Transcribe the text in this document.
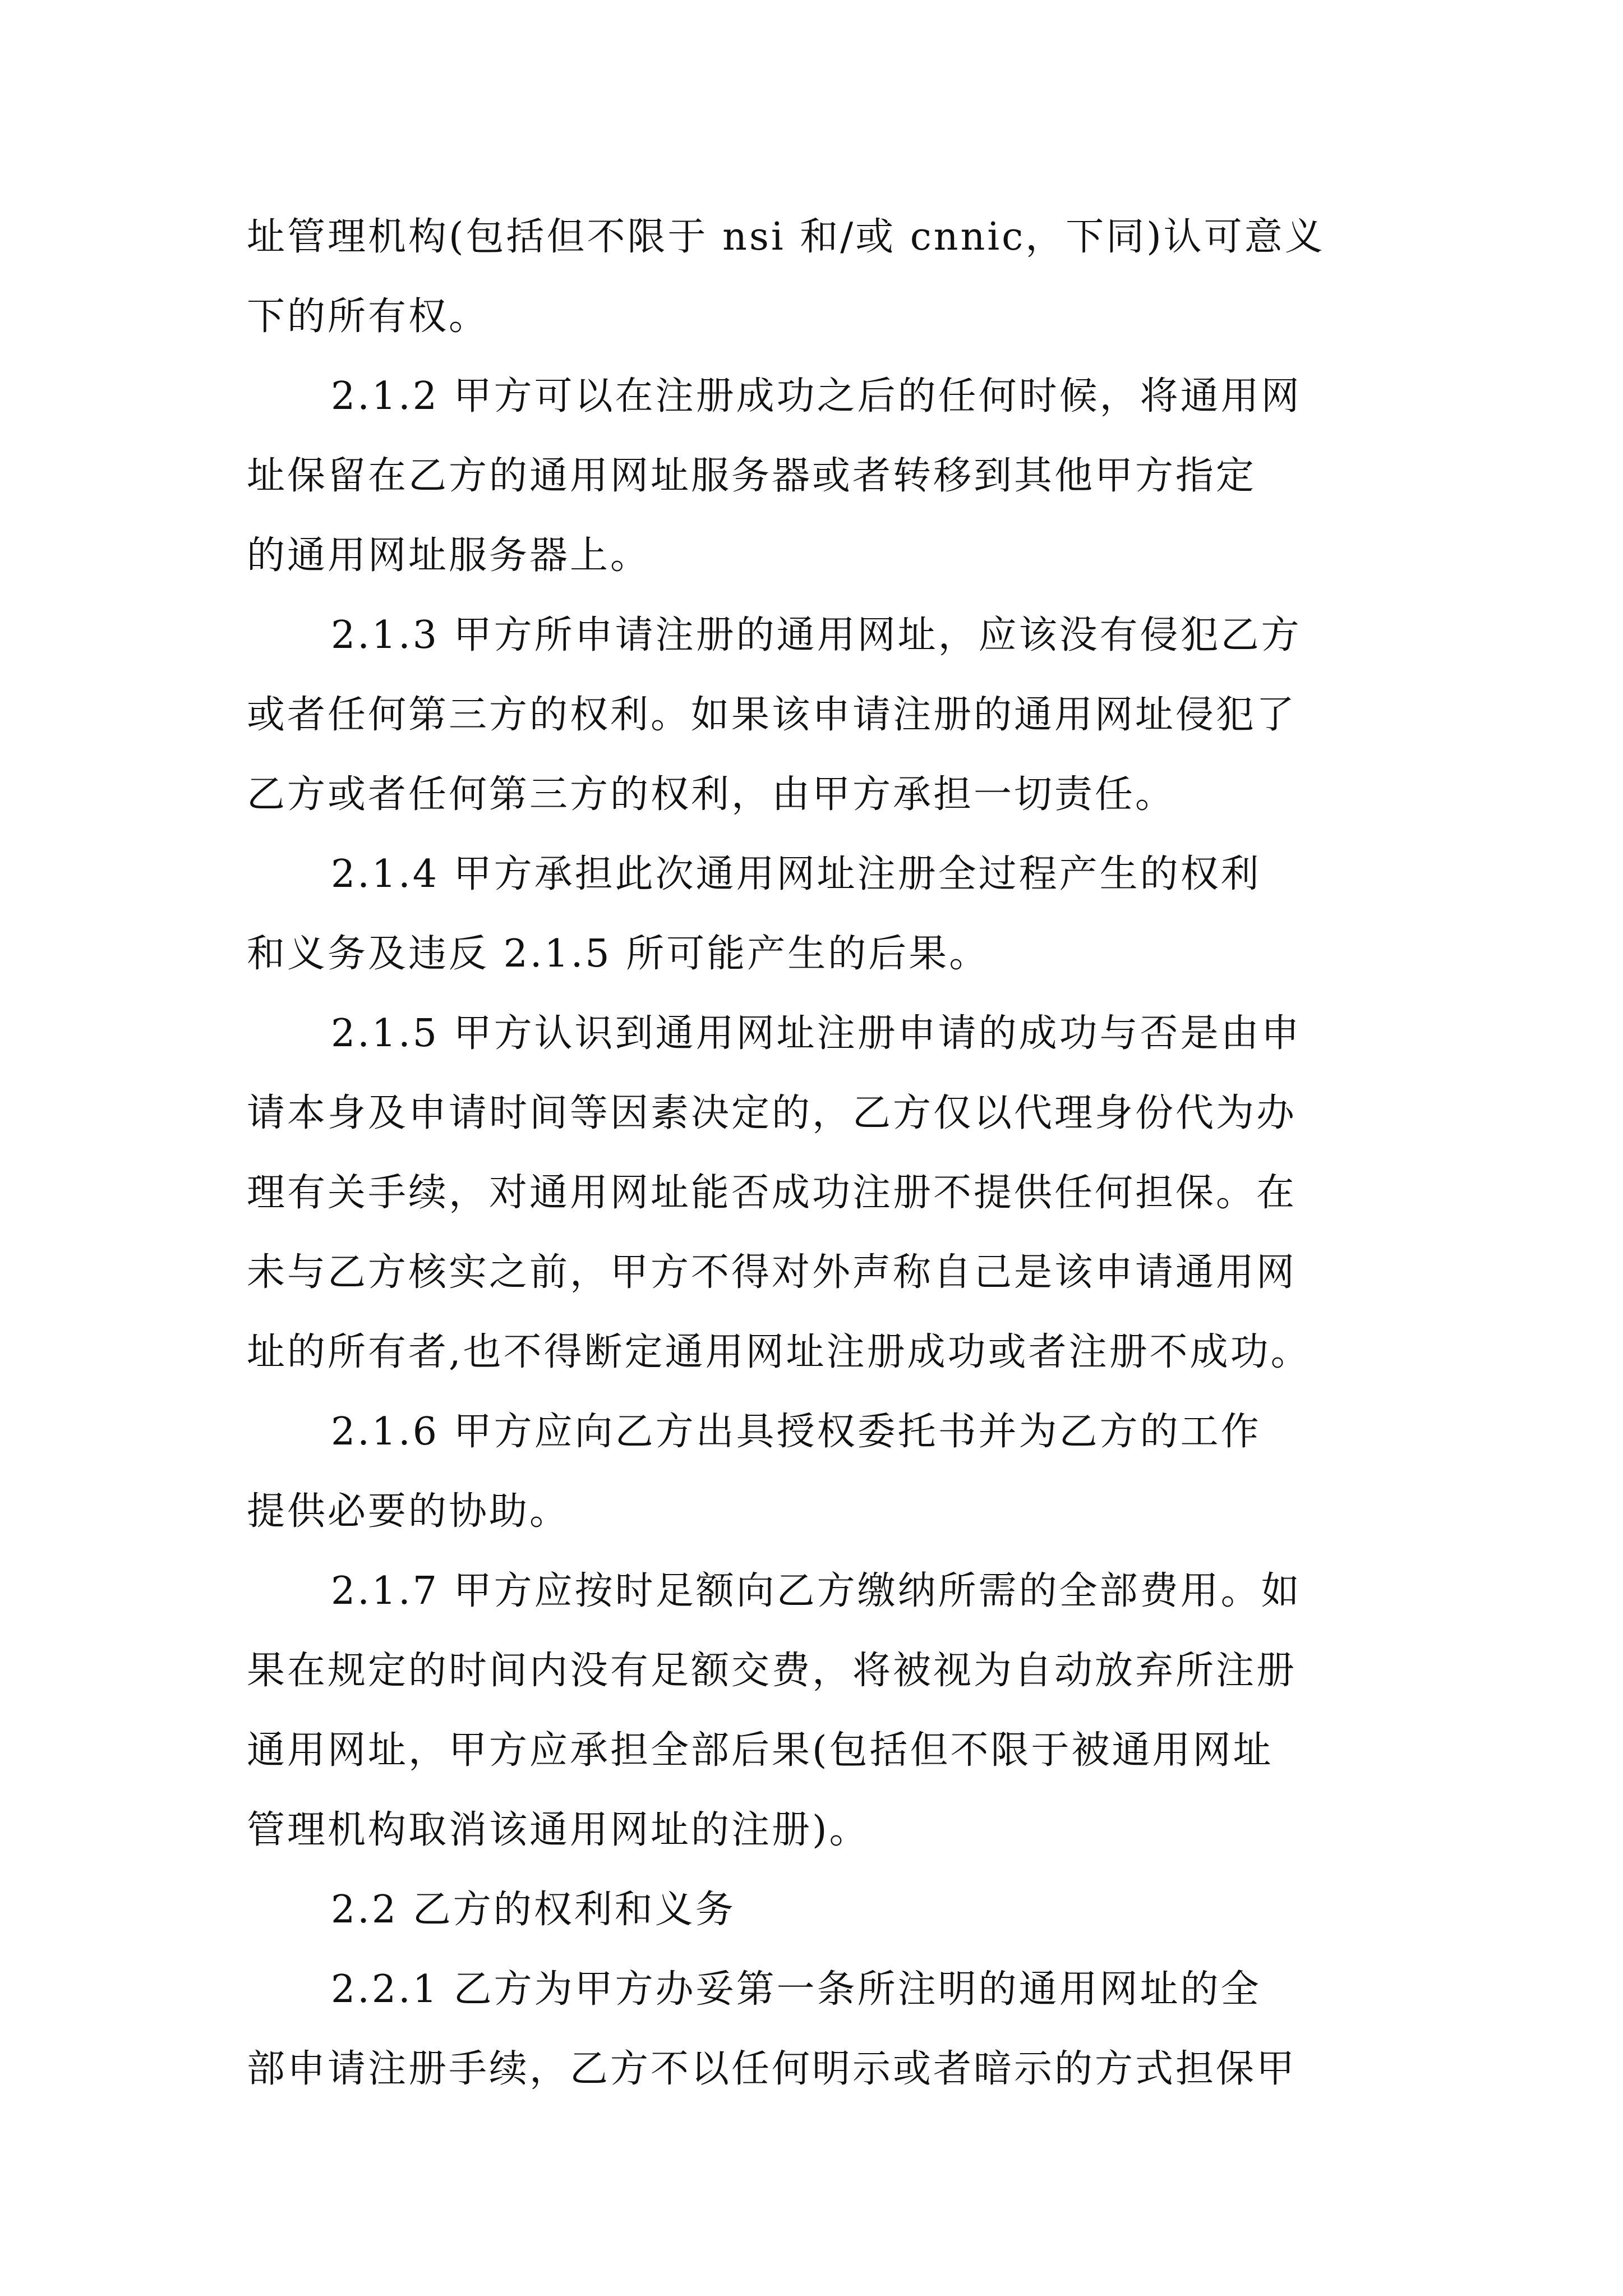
址管理机构(包括但不限于 nsi 和/或 cnnic，下同)认可意义
下的所有权。
2.1.2 甲方可以在注册成功之后的任何时候，将通用网
址保留在乙方的通用网址服务器或者转移到其他甲方指定
的通用网址服务器上。
2.1.3 甲方所申请注册的通用网址，应该没有侵犯乙方
或者任何第三方的权利。如果该申请注册的通用网址侵犯了
乙方或者任何第三方的权利，由甲方承担一切责任。
2.1.4 甲方承担此次通用网址注册全过程产生的权利
和义务及违反 2.1.5 所可能产生的后果。
2.1.5 甲方认识到通用网址注册申请的成功与否是由申
请本身及申请时间等因素决定的，乙方仅以代理身份代为办
理有关手续，对通用网址能否成功注册不提供任何担保。在
未与乙方核实之前，甲方不得对外声称自己是该申请通用网
址的所有者,也不得断定通用网址注册成功或者注册不成功。
2.1.6 甲方应向乙方出具授权委托书并为乙方的工作
提供必要的协助。
2.1.7 甲方应按时足额向乙方缴纳所需的全部费用。如
果在规定的时间内没有足额交费，将被视为自动放弃所注册
通用网址，甲方应承担全部后果(包括但不限于被通用网址
管理机构取消该通用网址的注册)。
2.2 乙方的权利和义务
2.2.1 乙方为甲方办妥第一条所注明的通用网址的全
部申请注册手续，乙方不以任何明示或者暗示的方式担保甲
